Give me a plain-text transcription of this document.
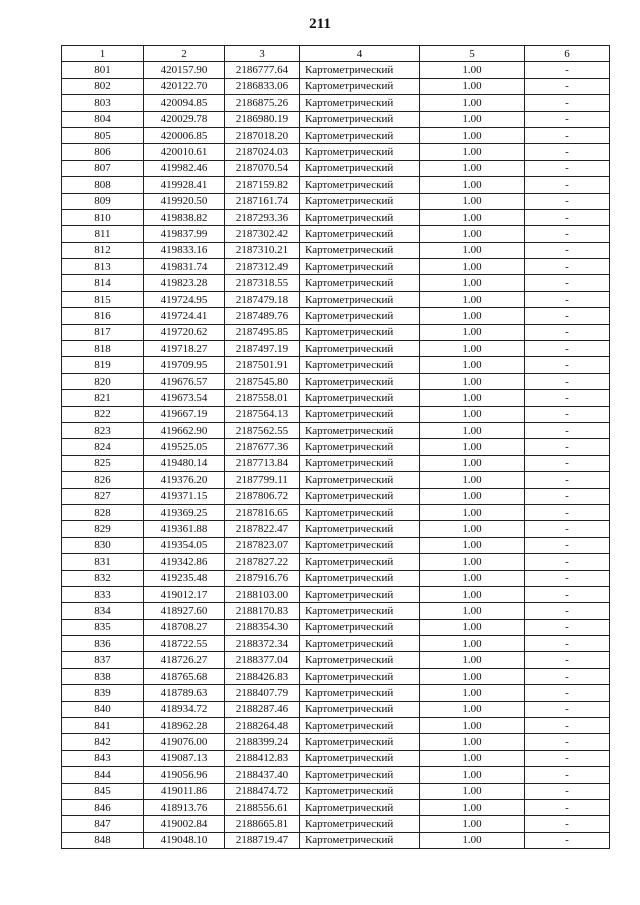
211
1	2	3	4	5	6
801	420157.90	2186777.64	Картометрический	1.00	-
802	420122.70	2186833.06	Картометрический	1.00	-
803	420094.85	2186875.26	Картометрический	1.00	-
804	420029.78	2186980.19	Картометрический	1.00	-
805	420006.85	2187018.20	Картометрический	1.00	-
806	420010.61	2187024.03	Картометрический	1.00	-
807	419982.46	2187070.54	Картометрический	1.00	-
808	419928.41	2187159.82	Картометрический	1.00	-
809	419920.50	2187161.74	Картометрический	1.00	-
810	419838.82	2187293.36	Картометрический	1.00	-
811	419837.99	2187302.42	Картометрический	1.00	-
812	419833.16	2187310.21	Картометрический	1.00	-
813	419831.74	2187312.49	Картометрический	1.00	-
814	419823.28	2187318.55	Картометрический	1.00	-
815	419724.95	2187479.18	Картометрический	1.00	-
816	419724.41	2187489.76	Картометрический	1.00	-
817	419720.62	2187495.85	Картометрический	1.00	-
818	419718.27	2187497.19	Картометрический	1.00	-
819	419709.95	2187501.91	Картометрический	1.00	-
820	419676.57	2187545.80	Картометрический	1.00	-
821	419673.54	2187558.01	Картометрический	1.00	-
822	419667.19	2187564.13	Картометрический	1.00	-
823	419662.90	2187562.55	Картометрический	1.00	-
824	419525.05	2187677.36	Картометрический	1.00	-
825	419480.14	2187713.84	Картометрический	1.00	-
826	419376.20	2187799.11	Картометрический	1.00	-
827	419371.15	2187806.72	Картометрический	1.00	-
828	419369.25	2187816.65	Картометрический	1.00	-
829	419361.88	2187822.47	Картометрический	1.00	-
830	419354.05	2187823.07	Картометрический	1.00	-
831	419342.86	2187827.22	Картометрический	1.00	-
832	419235.48	2187916.76	Картометрический	1.00	-
833	419012.17	2188103.00	Картометрический	1.00	-
834	418927.60	2188170.83	Картометрический	1.00	-
835	418708.27	2188354.30	Картометрический	1.00	-
836	418722.55	2188372.34	Картометрический	1.00	-
837	418726.27	2188377.04	Картометрический	1.00	-
838	418765.68	2188426.83	Картометрический	1.00	-
839	418789.63	2188407.79	Картометрический	1.00	-
840	418934.72	2188287.46	Картометрический	1.00	-
841	418962.28	2188264.48	Картометрический	1.00	-
842	419076.00	2188399.24	Картометрический	1.00	-
843	419087.13	2188412.83	Картометрический	1.00	-
844	419056.96	2188437.40	Картометрический	1.00	-
845	419011.86	2188474.72	Картометрический	1.00	-
846	418913.76	2188556.61	Картометрический	1.00	-
847	419002.84	2188665.81	Картометрический	1.00	-
848	419048.10	2188719.47	Картометрический	1.00	-
